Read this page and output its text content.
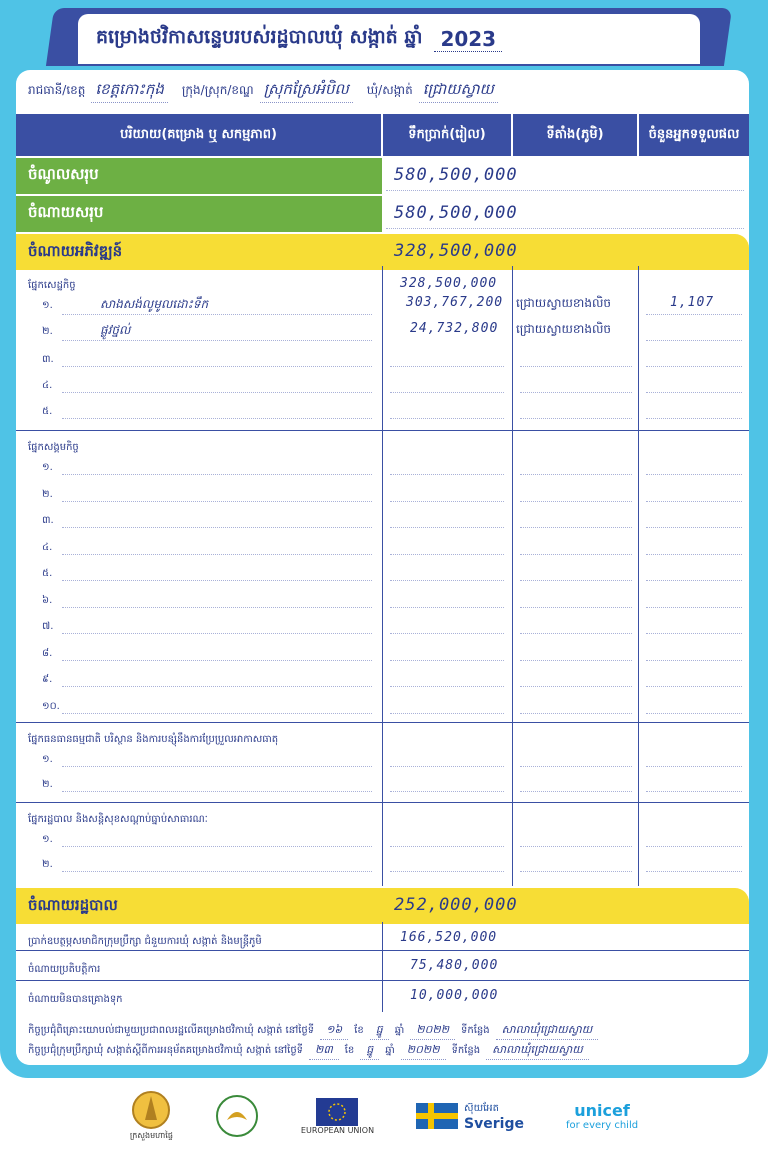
គម្រោងថវិកាសន្ទេបរបស់រដ្ឋបាលឃុំ សង្កាត់ ឆ្នាំ 2023
រាជធានី/ខេត្ត ខេត្តកោះកុង	ក្រុង/ស្រុក/ខណ្ឌ ស្រុកស្រែអំបិល	ឃុំ/សង្កាត់ ជ្រោយស្វាយ
បរិយាយ(គម្រោង ឬ សកម្មភាព)	ទឹកប្រាក់(រៀល)	ទីតាំង(ភូមិ)	ចំនួនអ្នកទទួលផល
ចំណូលសរុប	580,500,000
ចំណាយសរុប	580,500,000
ចំណាយអភិវឌ្ឍន៍	328,500,000
ផ្នែកសេដ្ឋកិច្ច	328,500,000
១.	សាងសង់លូមូលដោះទឹក	303,767,200 ជ្រោយស្វាយខាងលិច	1,107
២.	ផ្លូវថ្នល់	24,732,800 ជ្រោយស្វាយខាងលិច
៣.
៤.
៥.
ផ្នែកសង្គមកិច្ច
១.
២.
៣.
៤.
៥.
៦.
៧.
៨.
៩.
១០.
ផ្នែកធនធានធម្មជាតិ បរិស្ថាន និងការបន្សុំនឹងការប្រែប្រួលអាកាសធាតុ
១.
២.
ផ្នែករដ្ឋបាល និងសន្តិសុខសណ្តាប់ធ្នាប់សាធារណៈ
១.
២.
ចំណាយរដ្ឋបាល	252,000,000
ប្រាក់ឧបត្ថម្ភសមាជិកក្រុមប្រឹក្សា ជំនួយការឃុំ សង្កាត់ និងមន្ត្រីភូមិ	166,520,000
ចំណាយប្រតិបត្តិការ	75,480,000
ចំណាយមិនបានគ្រោងទុក	10,000,000
កិច្ចប្រជុំពិគ្រោះយោបល់ជាមួយប្រជាពលរដ្ឋលើគម្រោងថវិកាឃុំ សង្កាត់ នៅថ្ងៃទី	១៦	ខែ	ធ្នូ	ឆ្នាំ	២០២២	ទីកន្លែង	សាលាឃុំជ្រោយស្វាយ
កិច្ចប្រជុំក្រុមប្រឹក្សាឃុំ សង្កាត់ស្តីពីការអនុម័តគម្រោងថវិកាឃុំ សង្កាត់ នៅថ្ងៃទី	២៣	ខែ	ធ្នូ	ឆ្នាំ	២០២២	ទីកន្លែង	សាលាឃុំជ្រោយស្វាយ
ក្រសួងមហាផ្ទៃ
EUROPEAN UNION
ស៊ុយអែត
Sverige
unicef
for every child
